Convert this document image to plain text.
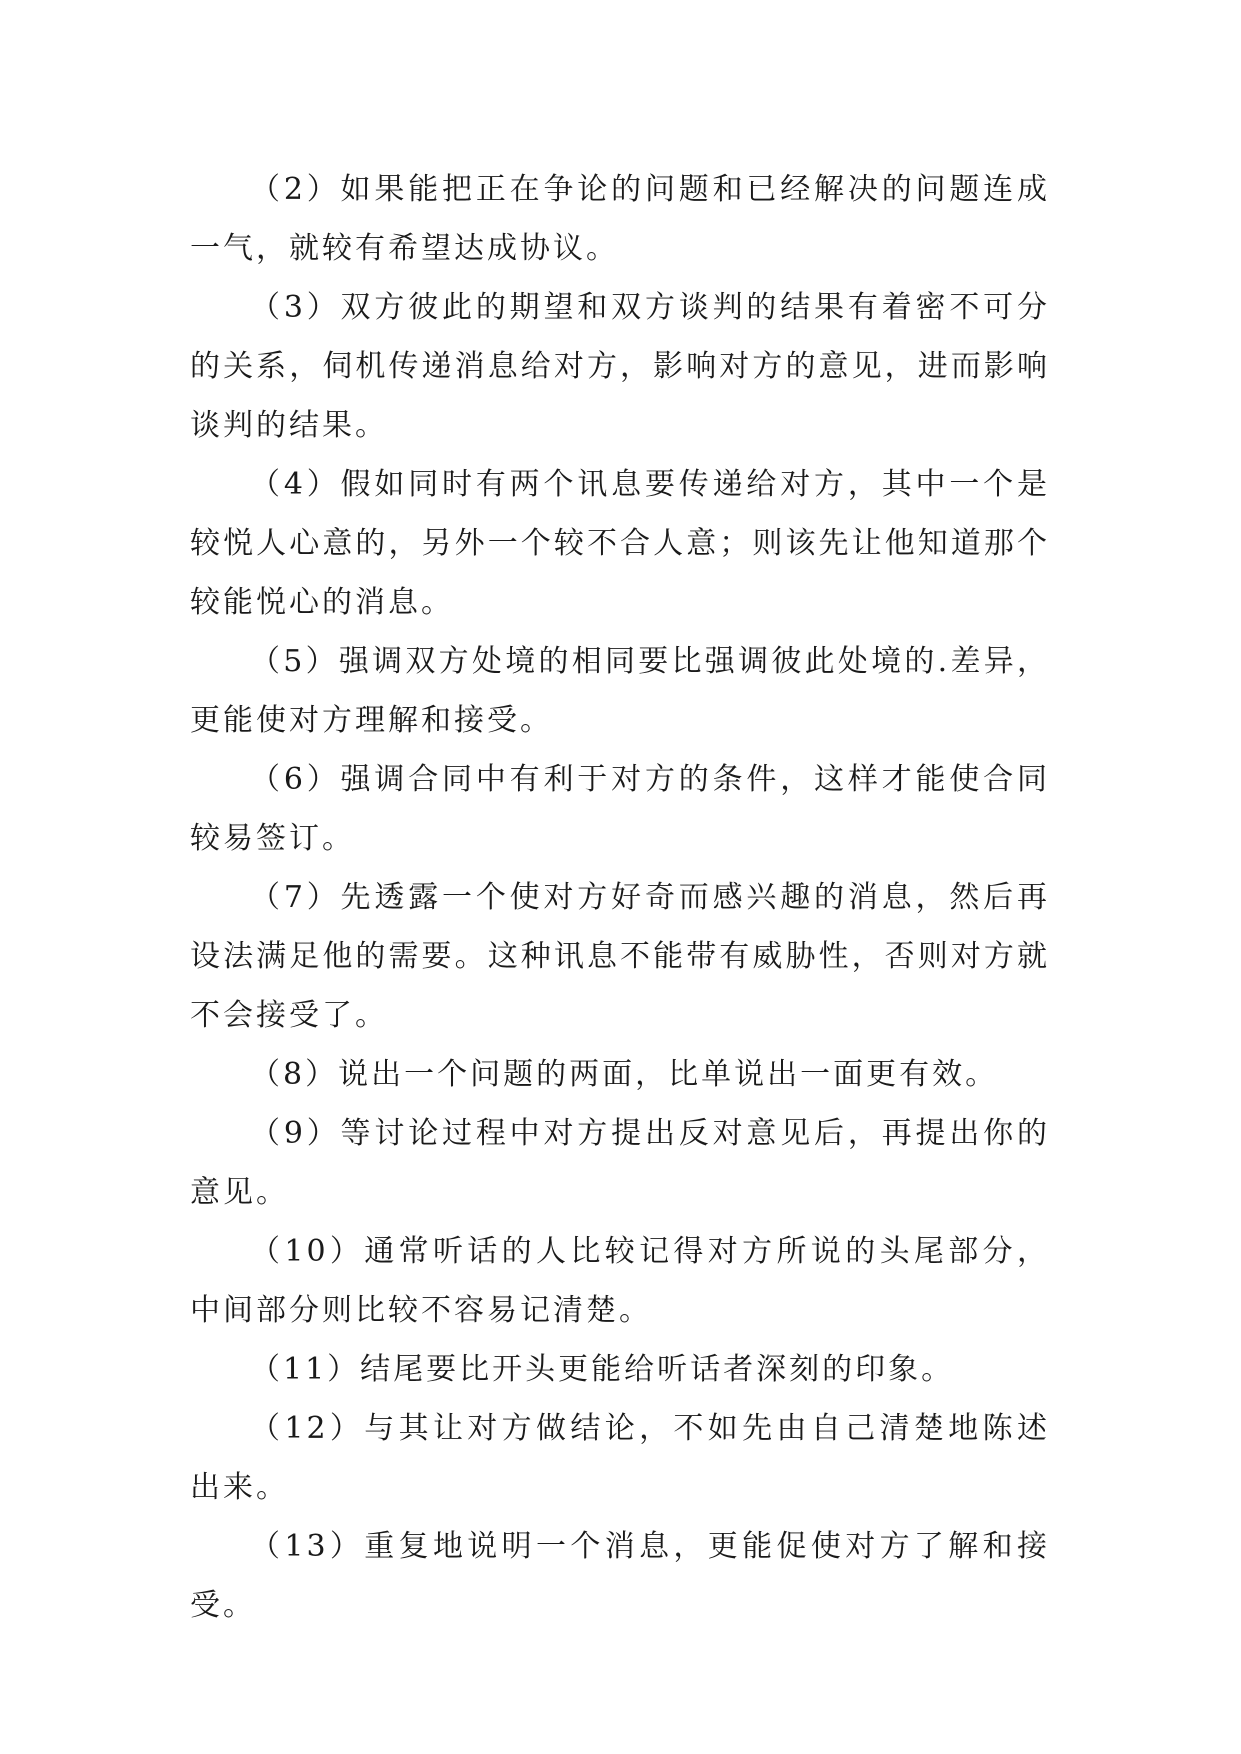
（2）如果能把正在争论的问题和已经解决的问题连成一气，就较有希望达成协议。

（3）双方彼此的期望和双方谈判的结果有着密不可分的关系，伺机传递消息给对方，影响对方的意见，进而影响谈判的结果。

（4）假如同时有两个讯息要传递给对方，其中一个是较悦人心意的，另外一个较不合人意；则该先让他知道那个较能悦心的消息。

（5）强调双方处境的相同要比强调彼此处境的.差异，更能使对方理解和接受。

（6）强调合同中有利于对方的条件，这样才能使合同较易签订。

（7）先透露一个使对方好奇而感兴趣的消息，然后再设法满足他的需要。这种讯息不能带有威胁性，否则对方就不会接受了。

（8）说出一个问题的两面，比单说出一面更有效。

（9）等讨论过程中对方提出反对意见后，再提出你的意见。

（10）通常听话的人比较记得对方所说的头尾部分，中间部分则比较不容易记清楚。

（11）结尾要比开头更能给听话者深刻的印象。

（12）与其让对方做结论，不如先由自己清楚地陈述出来。

（13）重复地说明一个消息，更能促使对方了解和接受。
